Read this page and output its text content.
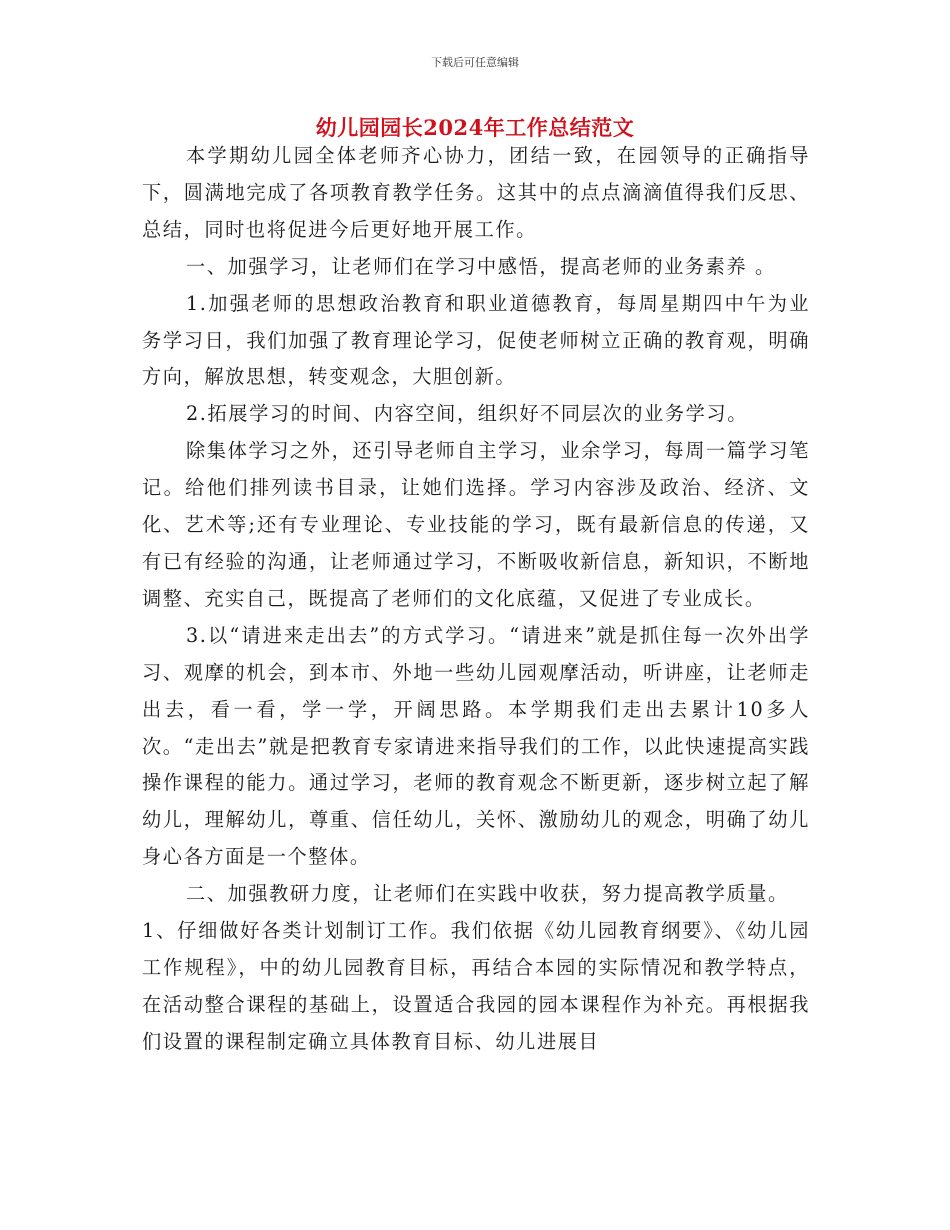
下载后可任意编辑
幼儿园园长2024年工作总结范文

本学期幼儿园全体老师齐心协力，团结一致，在园领导的正确指导下，圆满地完成了各项教育教学任务。这其中的点点滴滴值得我们反思、总结，同时也将促进今后更好地开展工作。

一、加强学习，让老师们在学习中感悟，提高老师的业务素养 。

1.加强老师的思想政治教育和职业道德教育，每周星期四中午为业务学习日，我们加强了教育理论学习，促使老师树立正确的教育观，明确方向，解放思想，转变观念，大胆创新。

2.拓展学习的时间、内容空间，组织好不同层次的业务学习。

除集体学习之外，还引导老师自主学习，业余学习，每周一篇学习笔记。给他们排列读书目录，让她们选择。学习内容涉及政治、经济、文化、艺术等;还有专业理论、专业技能的学习，既有最新信息的传递，又有已有经验的沟通，让老师通过学习，不断吸收新信息，新知识，不断地调整、充实自己，既提高了老师们的文化底蕴，又促进了专业成长。

3.以“请进来走出去”的方式学习。“请进来”就是抓住每一次外出学习、观摩的机会，到本市、外地一些幼儿园观摩活动，听讲座，让老师走出去，看一看，学一学，开阔思路。本学期我们走出去累计10多人次。“走出去”就是把教育专家请进来指导我们的工作，以此快速提高实践操作课程的能力。通过学习，老师的教育观念不断更新，逐步树立起了解幼儿，理解幼儿，尊重、信任幼儿，关怀、激励幼儿的观念，明确了幼儿身心各方面是一个整体。

二、加强教研力度，让老师们在实践中收获，努力提高教学质量。

1、仔细做好各类计划制订工作。我们依据《幼儿园教育纲要》、《幼儿园工作规程》，中的幼儿园教育目标，再结合本园的实际情况和教学特点，在活动整合课程的基础上，设置适合我园的园本课程作为补充。再根据我们设置的课程制定确立具体教育目标、幼儿进展目
